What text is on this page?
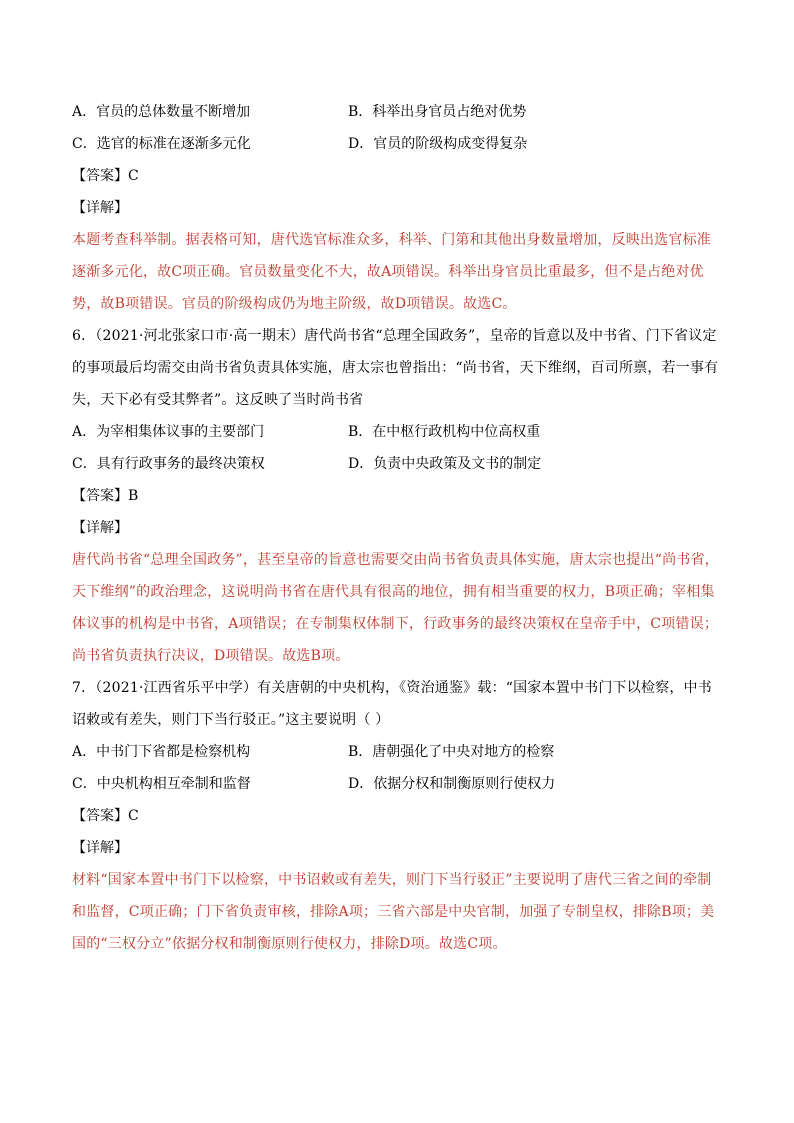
A．官员的总体数量不断增加	B．科举出身官员占绝对优势
C．选官的标准在逐渐多元化	D．官员的阶级构成变得复杂
【答案】C
【详解】
本题考查科举制。据表格可知，唐代选官标准众多，科举、门第和其他出身数量增加，反映出选官标准逐渐多元化，故C项正确。官员数量变化不大，故A项错误。科举出身官员比重最多，但不是占绝对优势，故B项错误。官员的阶级构成仍为地主阶级，故D项错误。故选C。
6．（2021·河北张家口市·高一期末）唐代尚书省“总理全国政务”，皇帝的旨意以及中书省、门下省议定的事项最后均需交由尚书省负责具体实施，唐太宗也曾指出：“尚书省，天下维纲，百司所禀，若一事有失，天下必有受其弊者”。这反映了当时尚书省
A．为宰相集体议事的主要部门	B．在中枢行政机构中位高权重
C．具有行政事务的最终决策权	D．负责中央政策及文书的制定
【答案】B
【详解】
唐代尚书省“总理全国政务”，甚至皇帝的旨意也需要交由尚书省负责具体实施，唐太宗也提出“尚书省，天下维纲”的政治理念，这说明尚书省在唐代具有很高的地位，拥有相当重要的权力，B项正确；宰相集体议事的机构是中书省，A项错误；在专制集权体制下，行政事务的最终决策权在皇帝手中，C项错误；尚书省负责执行决议，D项错误。故选B项。
7．（2021·江西省乐平中学）有关唐朝的中央机构，《资治通鉴》载：“国家本置中书门下以检察，中书诏敕或有差失，则门下当行驳正。”这主要说明（ ）
A．中书门下省都是检察机构	B．唐朝强化了中央对地方的检察
C．中央机构相互牵制和监督	D．依据分权和制衡原则行使权力
【答案】C
【详解】
材料“国家本置中书门下以检察，中书诏敕或有差失，则门下当行驳正”主要说明了唐代三省之间的牵制和监督，C项正确；门下省负责审核，排除A项；三省六部是中央官制，加强了专制皇权，排除B项；美国的“三权分立”依据分权和制衡原则行使权力，排除D项。故选C项。
